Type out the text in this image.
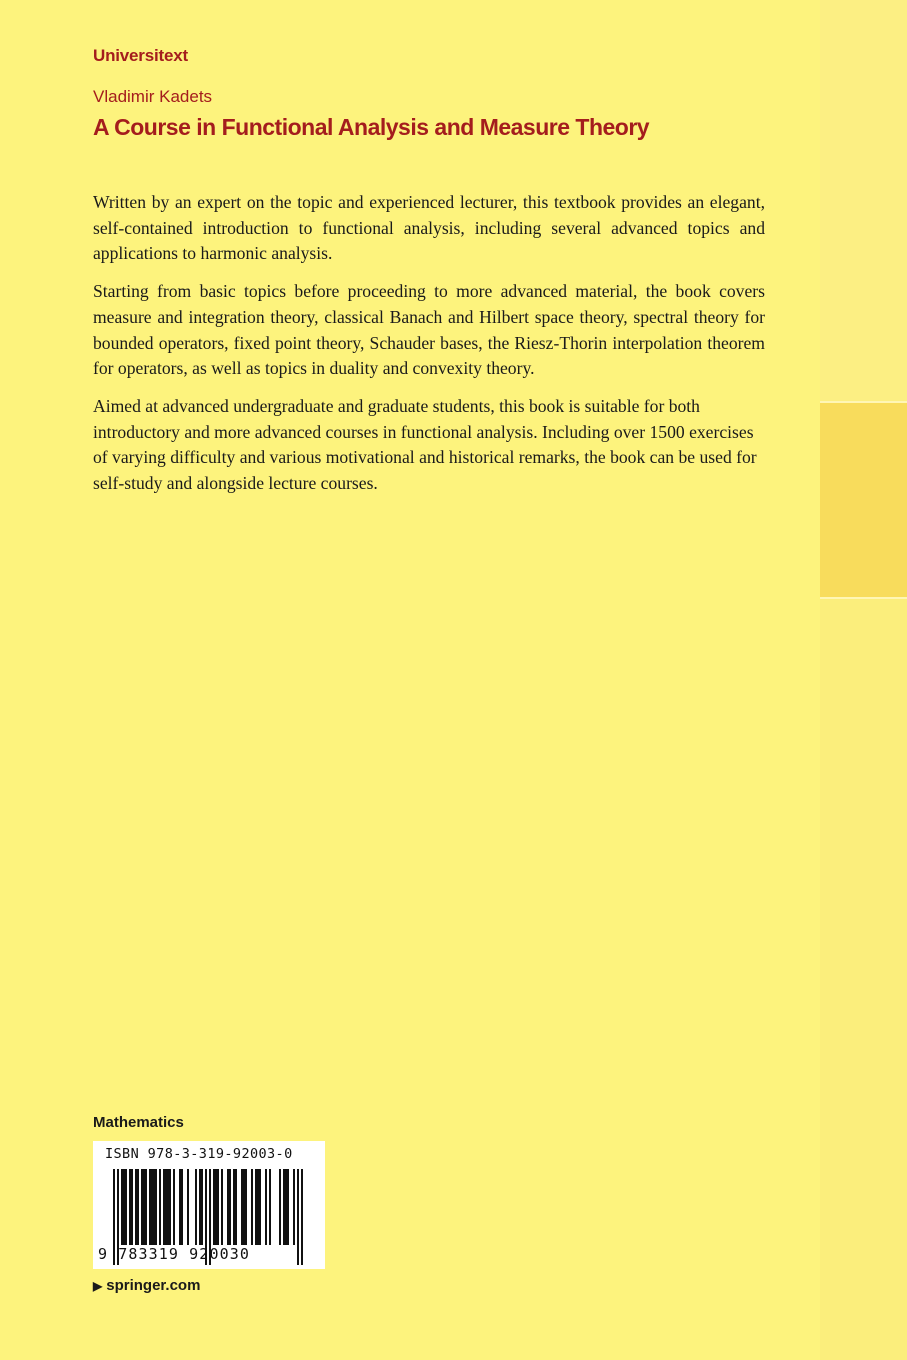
Universitext
Vladimir Kadets
A Course in Functional Analysis and Measure Theory

Written by an expert on the topic and experienced lecturer, this textbook provides an elegant, self-contained introduction to functional analysis, including several advanced topics and applications to harmonic analysis.

Starting from basic topics before proceeding to more advanced material, the book covers measure and integration theory, classical Banach and Hilbert space theory, spectral theory for bounded operators, fixed point theory, Schauder bases, the Riesz-Thorin interpolation theorem for operators, as well as topics in duality and convexity theory.

Aimed at advanced undergraduate and graduate students, this book is suitable for both introductory and more advanced courses in functional analysis. Including over 1500 exercises of varying difficulty and various motivational and historical remarks, the book can be used for self-study and alongside lecture courses.

Mathematics
ISBN 978-3-319-92003-0
9 783319 920030
▶ springer.com
